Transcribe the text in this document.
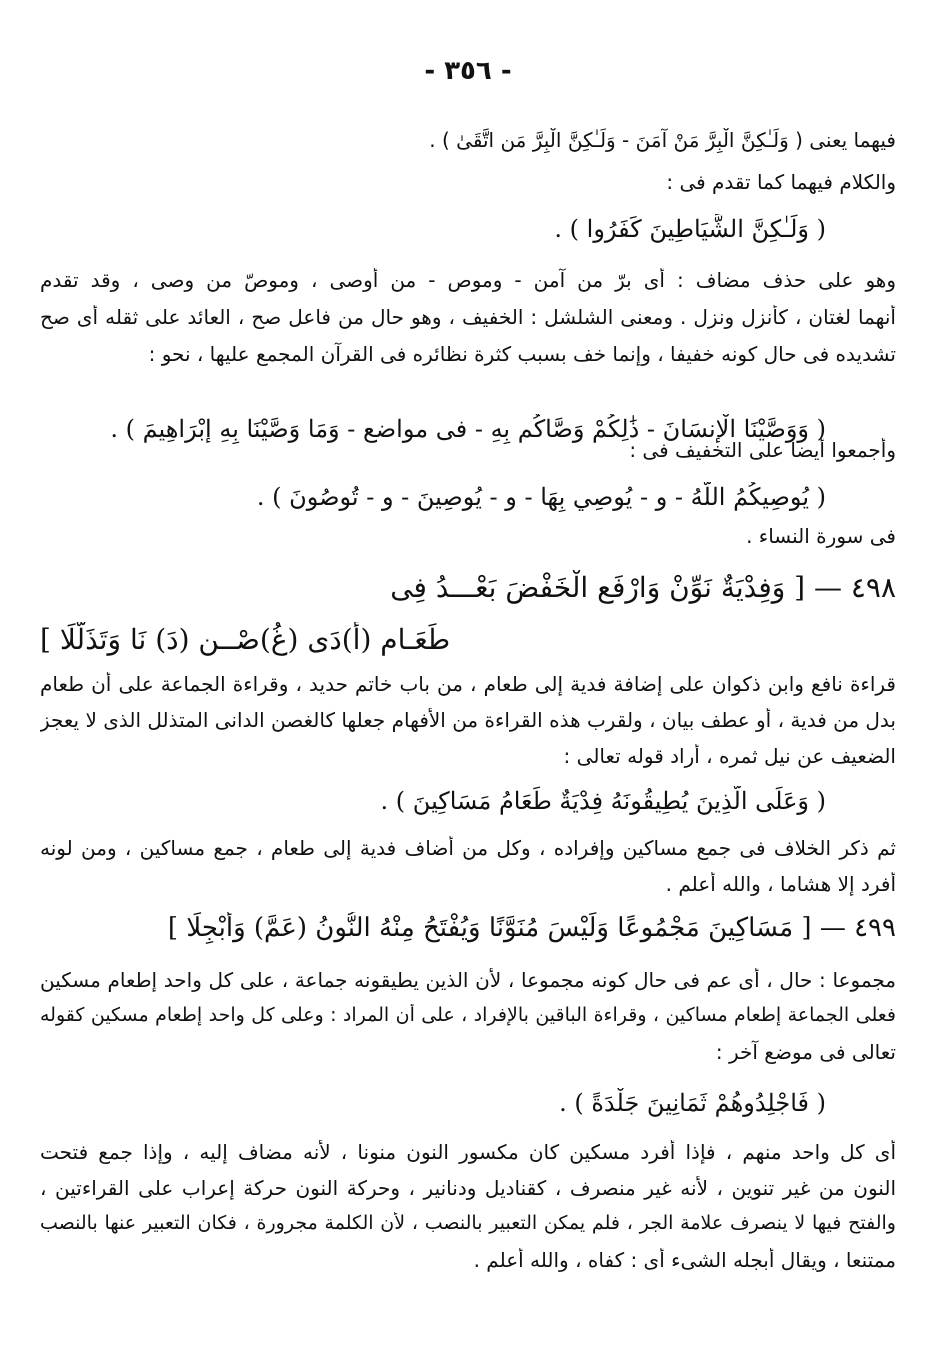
- ٣٥٦ -
فيهما يعنى ( وَلَـٰكِنَّ الْبِرَّ مَنْ آمَنَ - وَلَـٰكِنَّ الْبِرَّ مَنِ اتَّقَىٰ ) .
والكلام فيهما كما تقدم فى :
( وَلَـٰكِنَّ الشَّيَاطِينَ كَفَرُوا ) .
وهو على حذف مضاف : أى برّ من آمن - وموص - من أوصى ، وموصّ من وصى ، وقد تقدم
أنهما لغتان ، كأنزل ونزل . ومعنى الشلشل : الخفيف ، وهو حال من فاعل صح ، العائد على ثقله أى صح
تشديده فى حال كونه خفيفا ، وإنما خف بسبب كثرة نظائره فى القرآن المجمع عليها ، نحو :
( وَوَصَّيْنَا الْإِنسَانَ - ذَٰلِكُمْ وَصَّاكُم بِهِ - فى مواضع - وَمَا وَصَّيْنَا بِهِ إِبْرَاهِيمَ ) .
وأجمعوا أيضا على التخفيف فى :
( يُوصِيكُمُ اللَّهُ - و - يُوصِي بِهَا - و - يُوصِينَ - و - تُوصُونَ ) .
فى سورة النساء .
٤٩٨ — [ وَفِدْيَةٌ نَوِّنْ وَارْفَعِ الْخَفْضَ بَعْـــدُ فِى
طَعَـامِ (أ)دَى (غُ)صْــنٍ (دَ) نَا وَتَذَلَّلَا ]
قراءة نافع وابن ذكوان على إضافة فدية إلى طعام ، من باب خاتم حديد ، وقراءة الجماعة على أن طعام
بدل من فدية ، أو عطف بيان ، ولقرب هذه القراءة من الأفهام جعلها كالغصن الدانى المتذلل الذى لا يعجز
الضعيف عن نيل ثمره ، أراد قوله تعالى :
( وَعَلَى الَّذِينَ يُطِيقُونَهُ فِدْيَةٌ طَعَامُ مَسَاكِينَ ) .
ثم ذكر الخلاف فى جمع مساكين وإفراده ، وكل من أضاف فدية إلى طعام ، جمع مساكين ، ومن لونه
أفرد إلا هشاما ، والله أعلم .
٤٩٩ — [ مَسَاكِينَ مَجْمُوعًا وَلَيْسَ مُنَوَّنًا وَيُفْتَحُ مِنْهُ النُّونُ (عَمَّ) وَأُبْجِلَا ]
مجموعا : حال ، أى عم فى حال كونه مجموعا ، لأن الذين يطيقونه جماعة ، على كل واحد إطعام مسكين
فعلى الجماعة إطعام مساكين ، وقراءة الباقين بالإفراد ، على أن المراد : وعلى كل واحد إطعام مسكين كقوله
تعالى فى موضع آخر :
( فَاجْلِدُوهُمْ ثَمَانِينَ جَلْدَةً ) .
أى كل واحد منهم ، فإذا أفرد مسكين كان مكسور النون منونا ، لأنه مضاف إليه ، وإذا جمع فتحت
النون من غير تنوين ، لأنه غير منصرف ، كقناديل ودنانير ، وحركة النون حركة إعراب على القراءتين ،
والفتح فيها لا ينصرف علامة الجر ، فلم يمكن التعبير بالنصب ، لأن الكلمة مجرورة ، فكان التعبير عنها بالنصب
ممتنعا ، ويقال أبجله الشىء أى : كفاه ، والله أعلم .
